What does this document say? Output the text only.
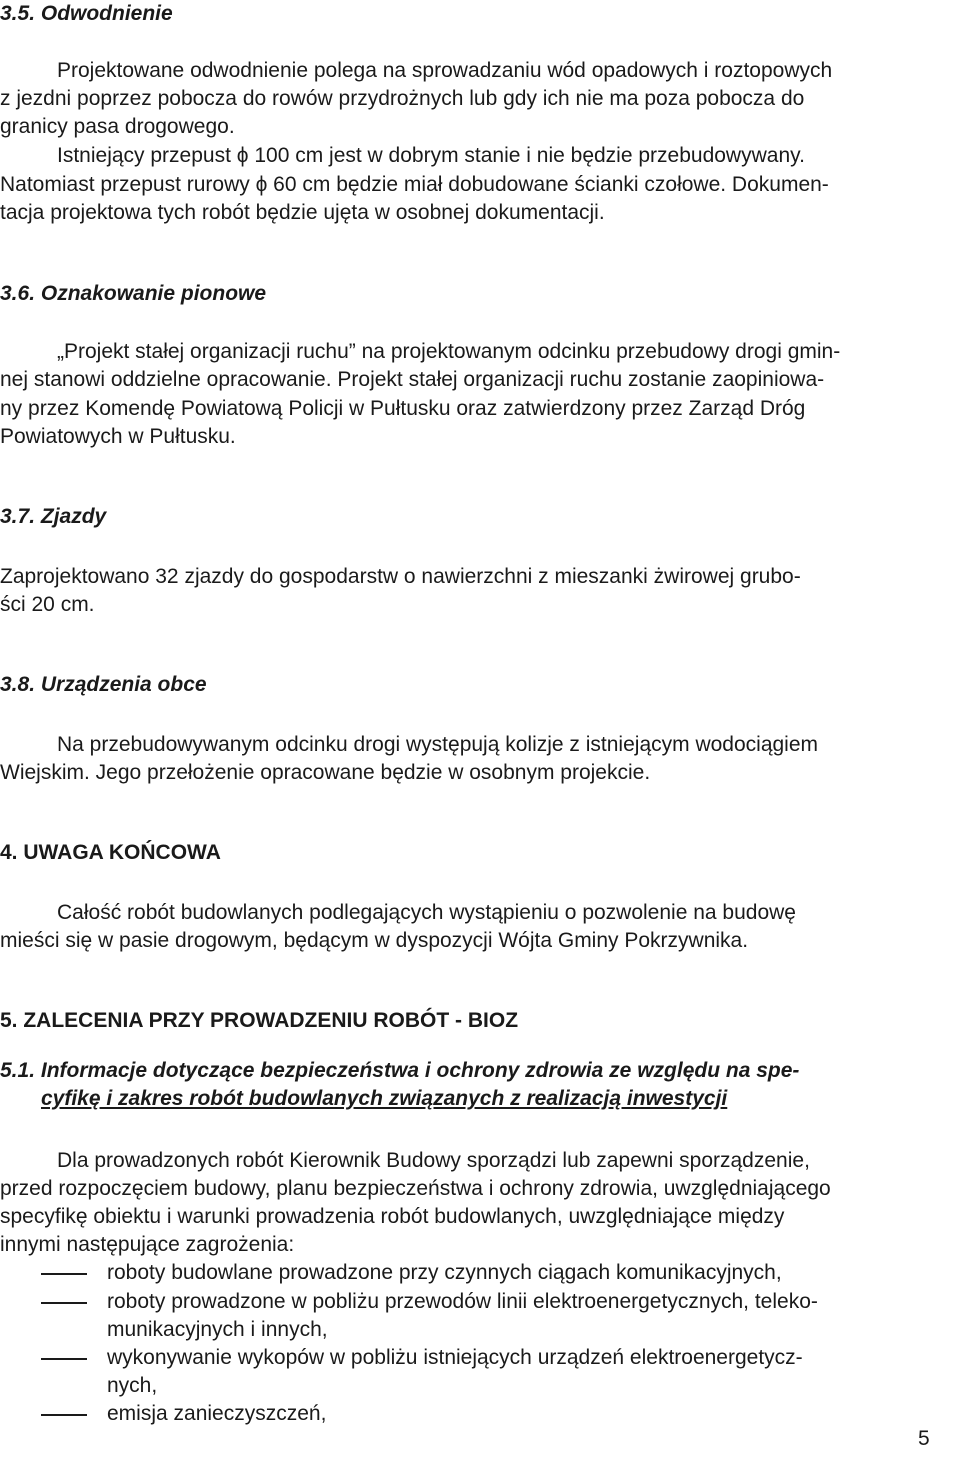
3.5. Odwodnienie
Projektowane odwodnienie polega na sprowadzaniu wód opadowych i roztopowych
z jezdni poprzez pobocza do rowów przydrożnych lub gdy ich nie ma poza pobocza do
granicy pasa drogowego.
Istniejący przepust ϕ 100 cm jest w dobrym stanie i nie będzie przebudowywany.
Natomiast przepust rurowy ϕ 60 cm będzie miał dobudowane ścianki czołowe. Dokumen-
tacja projektowa tych robót będzie ujęta w osobnej dokumentacji.
3.6. Oznakowanie pionowe
„Projekt stałej organizacji ruchu” na projektowanym odcinku przebudowy drogi gmin-
nej stanowi oddzielne opracowanie. Projekt stałej organizacji ruchu zostanie zaopiniowa-
ny przez Komendę Powiatową Policji w Pułtusku oraz zatwierdzony przez Zarząd Dróg
Powiatowych w Pułtusku.
3.7. Zjazdy
Zaprojektowano 32 zjazdy do gospodarstw o nawierzchni z mieszanki żwirowej grubo-
ści 20 cm.
3.8. Urządzenia obce
Na przebudowywanym odcinku drogi występują kolizje z istniejącym wodociągiem
Wiejskim. Jego przełożenie opracowane będzie w osobnym projekcie.
4. UWAGA KOŃCOWA
Całość robót budowlanych podlegających wystąpieniu o pozwolenie na budowę
mieści się w pasie drogowym, będącym w dyspozycji Wójta Gminy Pokrzywnika.
5. ZALECENIA PRZY PROWADZENIU ROBÓT - BIOZ
5.1. Informacje dotyczące bezpieczeństwa i ochrony zdrowia ze względu na spe-
cyfikę i zakres robót budowlanych związanych z realizacją inwestycji
Dla prowadzonych robót Kierownik Budowy sporządzi lub zapewni sporządzenie,
przed rozpoczęciem budowy, planu bezpieczeństwa i ochrony zdrowia, uwzględniającego
specyfikę obiektu i warunki prowadzenia robót budowlanych, uwzględniające między
innymi następujące zagrożenia:
roboty budowlane prowadzone przy czynnych ciągach komunikacyjnych,
roboty prowadzone w pobliżu przewodów linii elektroenergetycznych, teleko-
munikacyjnych i innych,
wykonywanie wykopów w pobliżu istniejących urządzeń elektroenergetycz-
nych,
emisja zanieczyszczeń,
5
